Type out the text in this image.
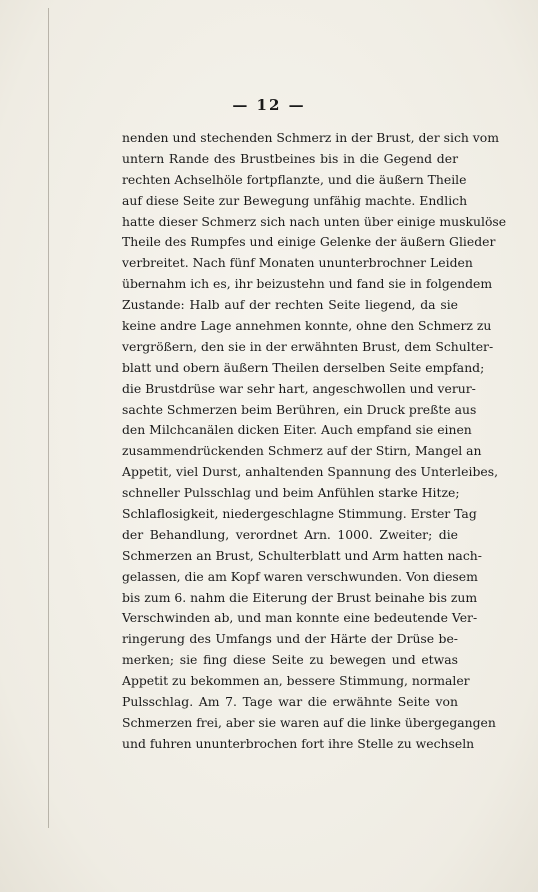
— 12 —
nenden und stechenden Schmerz in der Brust, der sich vom
untern Rande des Brustbeines bis in die Gegend der
rechten Achselhöle fortpflanzte, und die äußern Theile
auf diese Seite zur Bewegung unfähig machte. Endlich
hatte dieser Schmerz sich nach unten über einige muskulöse
Theile des Rumpfes und einige Gelenke der äußern Glieder
verbreitet. Nach fünf Monaten ununterbrochner Leiden
übernahm ich es, ihr beizustehn und fand sie in folgendem
Zustande: Halb auf der rechten Seite liegend, da sie
keine andre Lage annehmen konnte, ohne den Schmerz zu
vergrößern, den sie in der erwähnten Brust, dem Schulter-
blatt und obern äußern Theilen derselben Seite empfand;
die Brustdrüse war sehr hart, angeschwollen und verur-
sachte Schmerzen beim Berühren, ein Druck preßte aus
den Milchcanälen dicken Eiter. Auch empfand sie einen
zusammendrückenden Schmerz auf der Stirn, Mangel an
Appetit, viel Durst, anhaltenden Spannung des Unterleibes,
schneller Pulsschlag und beim Anfühlen starke Hitze;
Schlaflosigkeit, niedergeschlagne Stimmung. Erster Tag
der Behandlung, verordnet Arn. 1000. Zweiter; die
Schmerzen an Brust, Schulterblatt und Arm hatten nach-
gelassen, die am Kopf waren verschwunden. Von diesem
bis zum 6. nahm die Eiterung der Brust beinahe bis zum
Verschwinden ab, und man konnte eine bedeutende Ver-
ringerung des Umfangs und der Härte der Drüse be-
merken; sie fing diese Seite zu bewegen und etwas
Appetit zu bekommen an, bessere Stimmung, normaler
Pulsschlag. Am 7. Tage war die erwähnte Seite von
Schmerzen frei, aber sie waren auf die linke übergegangen
und fuhren ununterbrochen fort ihre Stelle zu wechseln
